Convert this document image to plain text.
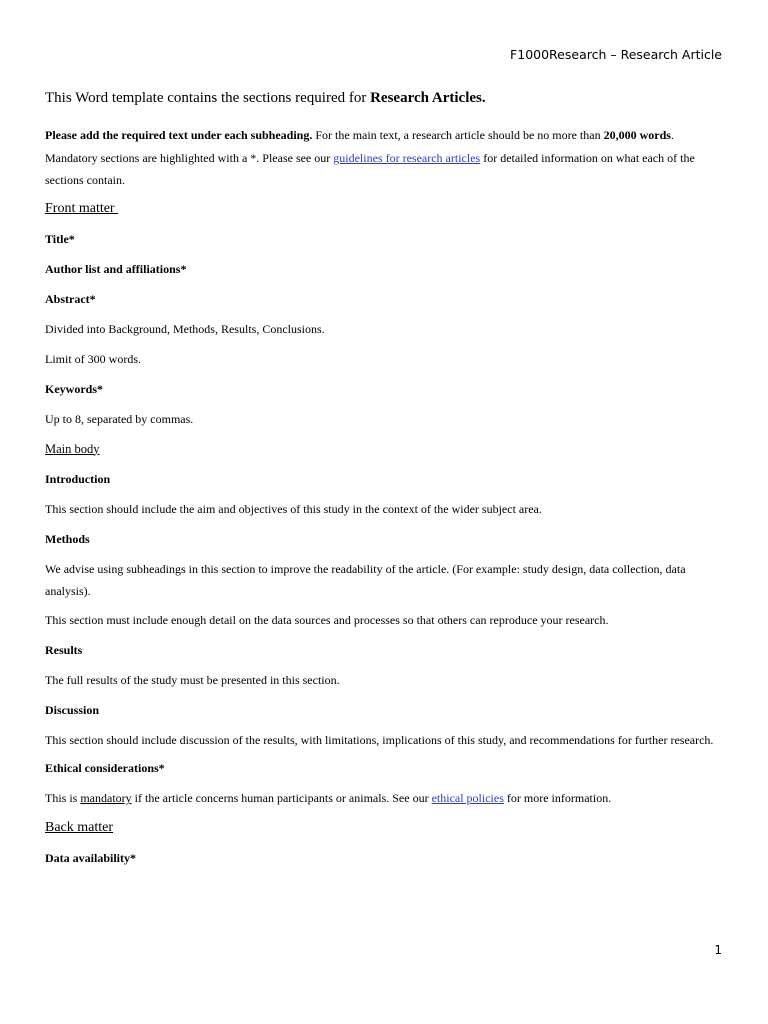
F1000Research – Research Article

This Word template contains the sections required for Research Articles.

Please add the required text under each subheading. For the main text, a research article should be no more than 20,000 words. Mandatory sections are highlighted with a *. Please see our guidelines for research articles for detailed information on what each of the sections contain.

Front matter

Title*

Author list and affiliations*

Abstract*

Divided into Background, Methods, Results, Conclusions.

Limit of 300 words.

Keywords*

Up to 8, separated by commas.

Main body

Introduction

This section should include the aim and objectives of this study in the context of the wider subject area.

Methods

We advise using subheadings in this section to improve the readability of the article. (For example: study design, data collection, data analysis).

This section must include enough detail on the data sources and processes so that others can reproduce your research.

Results

The full results of the study must be presented in this section.

Discussion

This section should include discussion of the results, with limitations, implications of this study, and recommendations for further research.

Ethical considerations*

This is mandatory if the article concerns human participants or animals. See our ethical policies for more information.

Back matter

Data availability*

1
